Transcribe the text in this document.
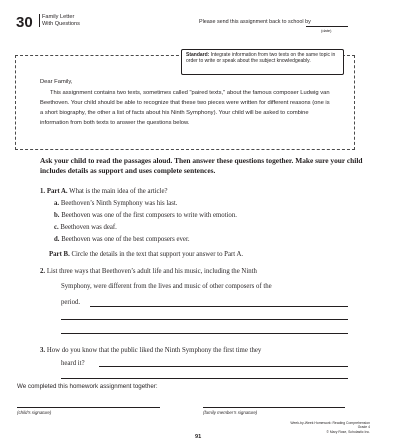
30 Family Letter
With Questions	Please send this assignment back to school by
(date)
Standard: Integrate information from two texts on the same topic in order to write or speak about the subject knowledgeably.
Dear Family,
This assignment contains two texts, sometimes called "paired texts," about the famous composer Ludwig van Beethoven. Your child should be able to recognize that these two pieces were written for different reasons (one is a short biography, the other a list of facts about his Ninth Symphony). Your child will be asked to combine information from both texts to answer the questions below.
Ask your child to read the passages aloud. Then answer these questions together. Make sure your child includes details as support and uses complete sentences.
1. Part A. What is the main idea of the article?
a. Beethoven’s Ninth Symphony was his last.
b. Beethoven was one of the first composers to write with emotion.
c. Beethoven was deaf.
d. Beethoven was one of the best composers ever.
Part B. Circle the details in the text that support your answer to Part A.
2. List three ways that Beethoven’s adult life and his music, including the Ninth
Symphony, were different from the lives and music of other composers of the
period.
3. How do you know that the public liked the Ninth Symphony the first time they
heard it?
We completed this homework assignment together:
(child’s signature)	(family member’s signature)
Week-by-Week Homework: Reading Comprehension Grade 4
© Mary Rose, Scholastic Inc.
91
